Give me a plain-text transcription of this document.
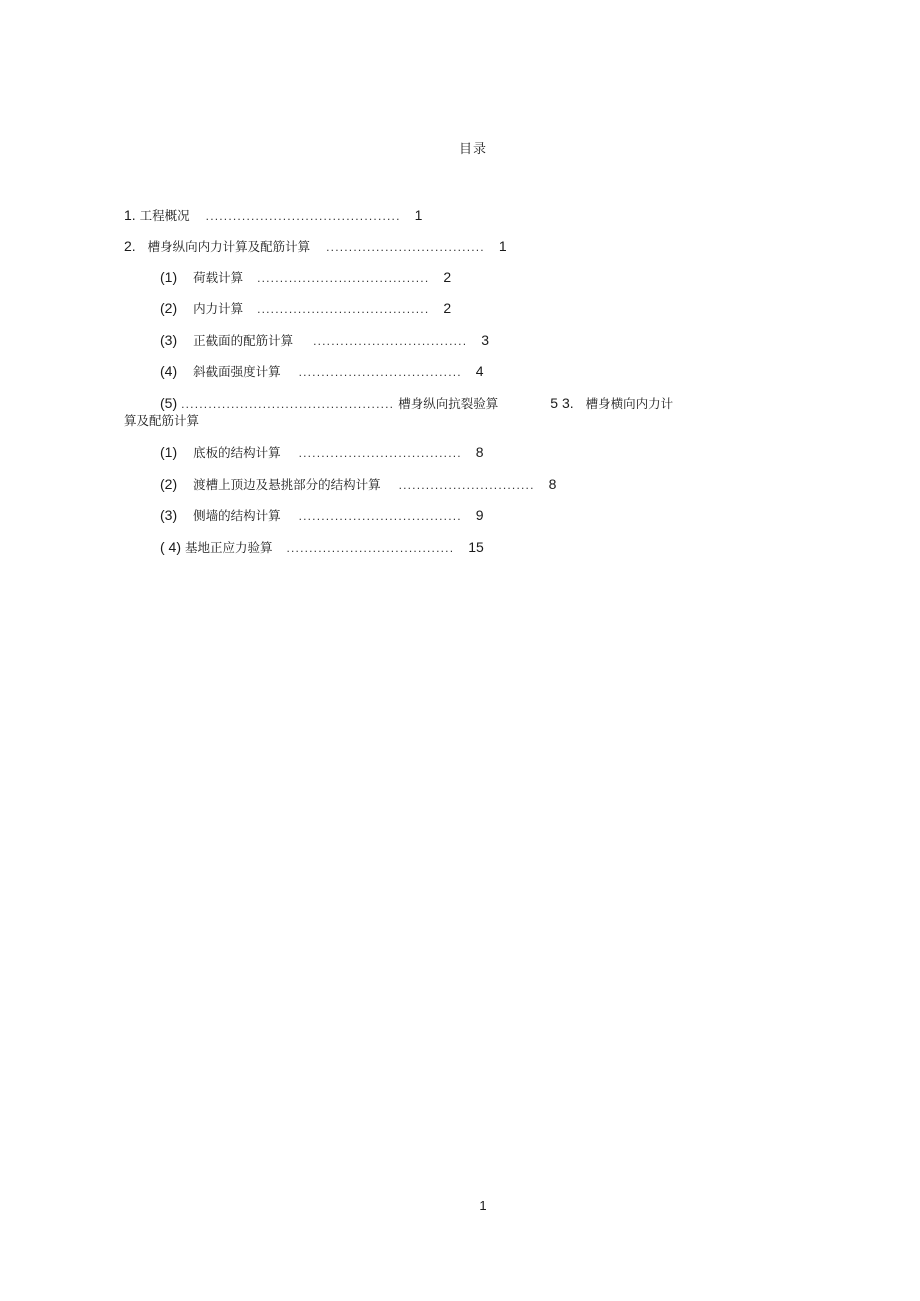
目录
1. 工程概况 ........................................... 1
2. 槽身纵向内力计算及配筋计算 ................................... 1
(1) 荷载计算 ...................................... 2
(2) 内力计算 ...................................... 2
(3) 正截面的配筋计算 .................................. 3
(4) 斜截面强度计算 .................................... 4
(5) ............................................... 槽身纵向抗裂验算	5 3. 槽身横向内力计
算及配筋计算
(1) 底板的结构计算 .................................... 8
(2) 渡槽上顶边及悬挑部分的结构计算 .............................. 8
(3) 侧墙的结构计算 .................................... 9
( 4) 基地正应力验算 ..................................... 15
1
